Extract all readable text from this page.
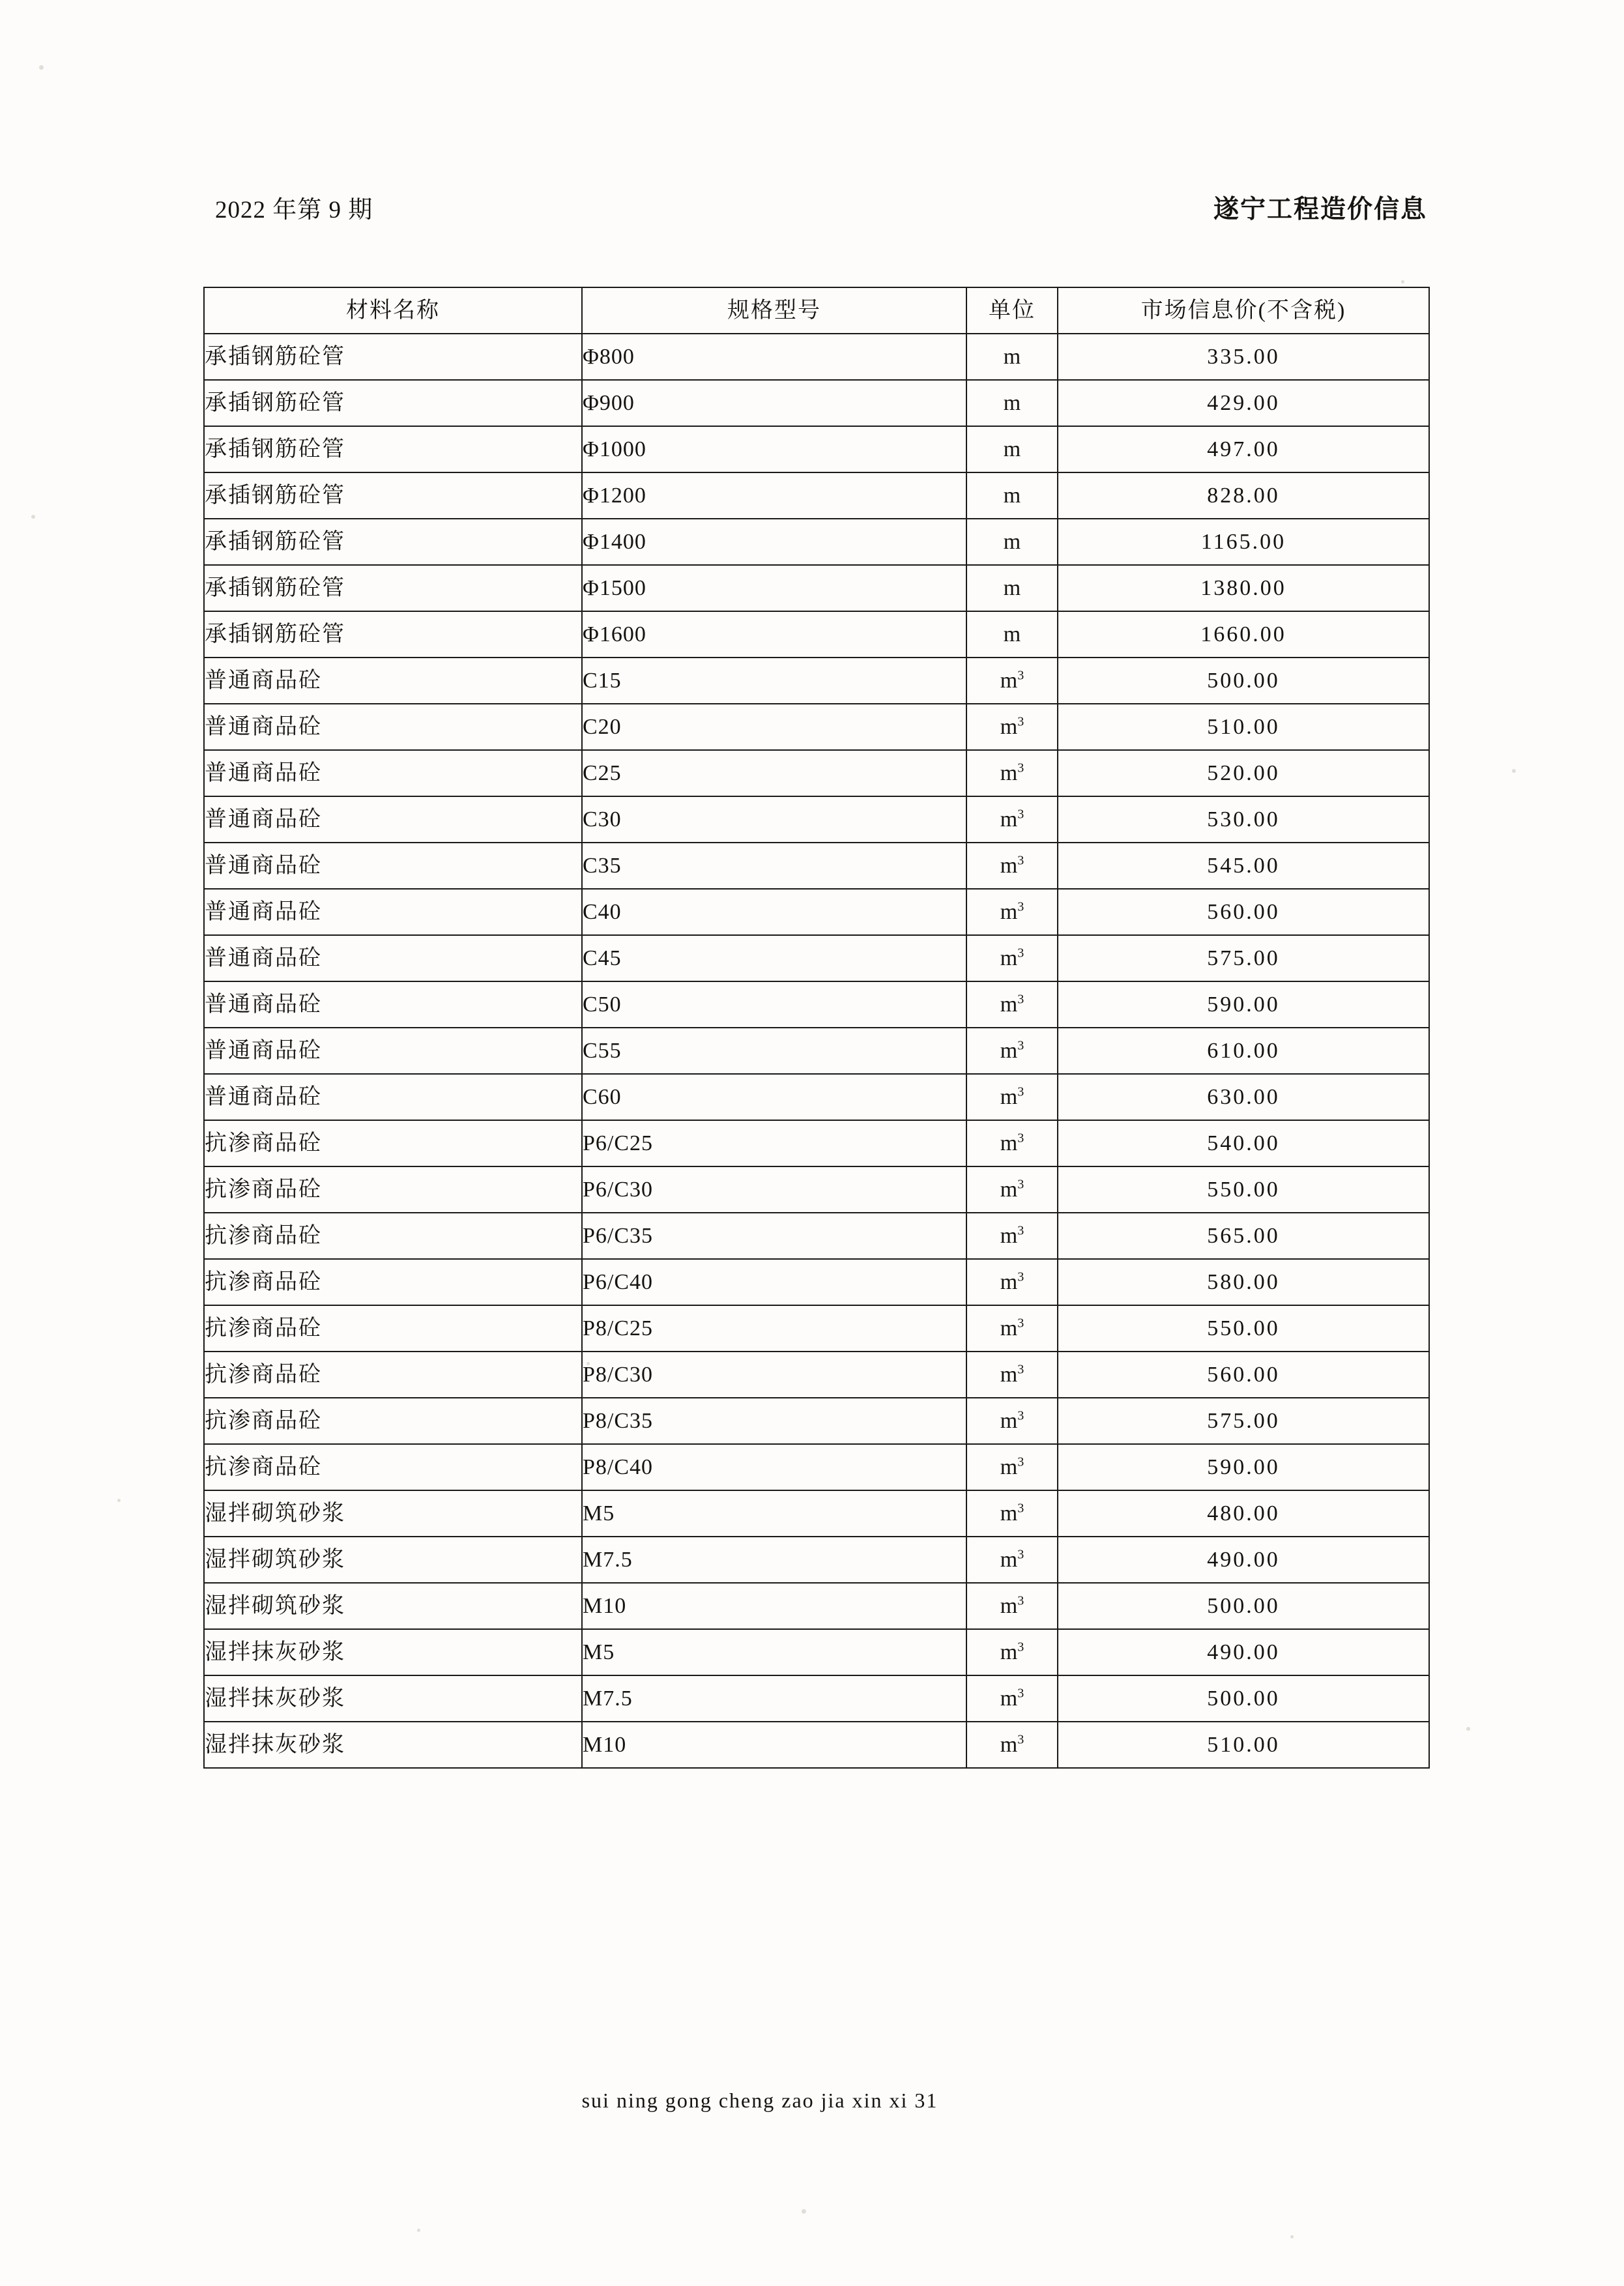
2022 年第 9 期	遂宁工程造价信息
材料名称	规格型号	单位	市场信息价(不含税)
承插钢筋砼管	Φ800	m	335.00
承插钢筋砼管	Φ900	m	429.00
承插钢筋砼管	Φ1000	m	497.00
承插钢筋砼管	Φ1200	m	828.00
承插钢筋砼管	Φ1400	m	1165.00
承插钢筋砼管	Φ1500	m	1380.00
承插钢筋砼管	Φ1600	m	1660.00
普通商品砼	C15	$m^3$	500.00
普通商品砼	C20	$m^3$	510.00
普通商品砼	C25	$m^3$	520.00
普通商品砼	C30	$m^3$	530.00
普通商品砼	C35	$m^3$	545.00
普通商品砼	C40	$m^3$	560.00
普通商品砼	C45	$m^3$	575.00
普通商品砼	C50	$m^3$	590.00
普通商品砼	C55	$m^3$	610.00
普通商品砼	C60	$m^3$	630.00
抗渗商品砼	P6/C25	$m^3$	540.00
抗渗商品砼	P6/C30	$m^3$	550.00
抗渗商品砼	P6/C35	$m^3$	565.00
抗渗商品砼	P6/C40	$m^3$	580.00
抗渗商品砼	P8/C25	$m^3$	550.00
抗渗商品砼	P8/C30	$m^3$	560.00
抗渗商品砼	P8/C35	$m^3$	575.00
抗渗商品砼	P8/C40	$m^3$	590.00
湿拌砌筑砂浆	M5	$m^3$	480.00
湿拌砌筑砂浆	M7.5	$m^3$	490.00
湿拌砌筑砂浆	M10	$m^3$	500.00
湿拌抹灰砂浆	M5	$m^3$	490.00
湿拌抹灰砂浆	M7.5	$m^3$	500.00
湿拌抹灰砂浆	M10	$m^3$	510.00
sui ning gong cheng zao jia xin xi 31
